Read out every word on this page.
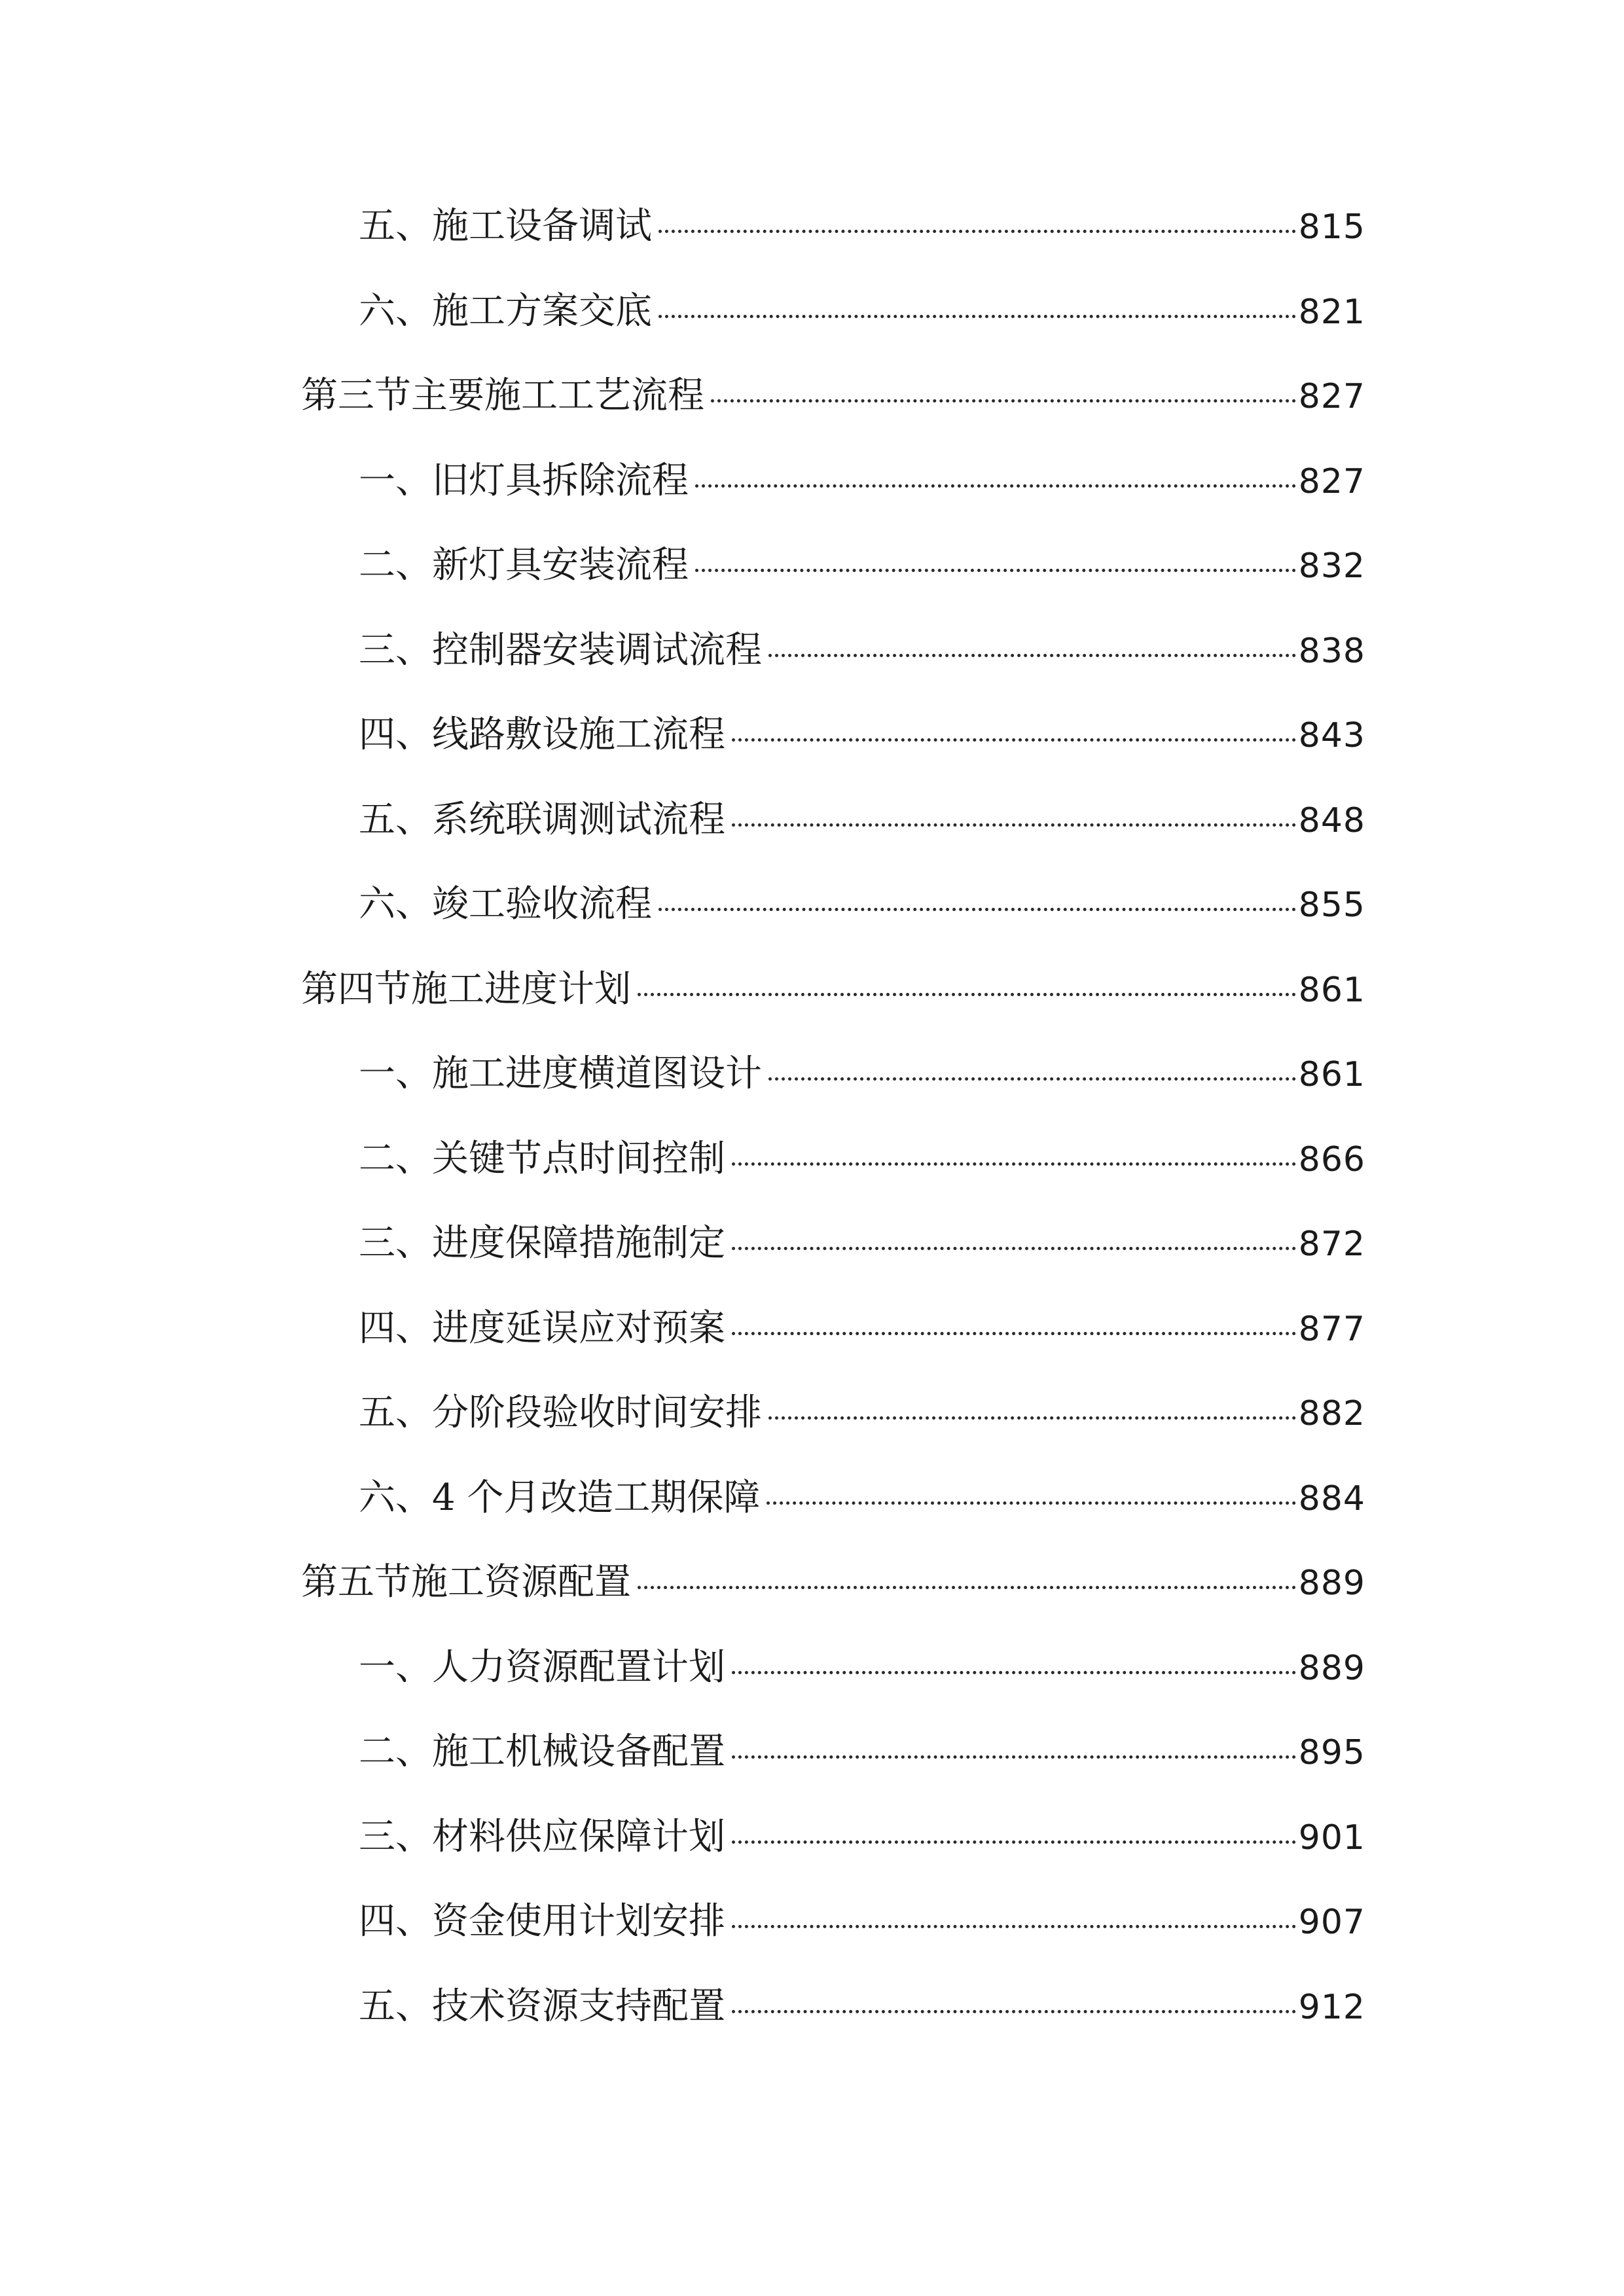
五、施工设备调试	815
六、施工方案交底	821
第三节主要施工工艺流程	827
一、旧灯具拆除流程	827
二、新灯具安装流程	832
三、控制器安装调试流程	838
四、线路敷设施工流程	843
五、系统联调测试流程	848
六、竣工验收流程	855
第四节施工进度计划	861
一、施工进度横道图设计	861
二、关键节点时间控制	866
三、进度保障措施制定	872
四、进度延误应对预案	877
五、分阶段验收时间安排	882
六、4 个月改造工期保障	884
第五节施工资源配置	889
一、人力资源配置计划	889
二、施工机械设备配置	895
三、材料供应保障计划	901
四、资金使用计划安排	907
五、技术资源支持配置	912
